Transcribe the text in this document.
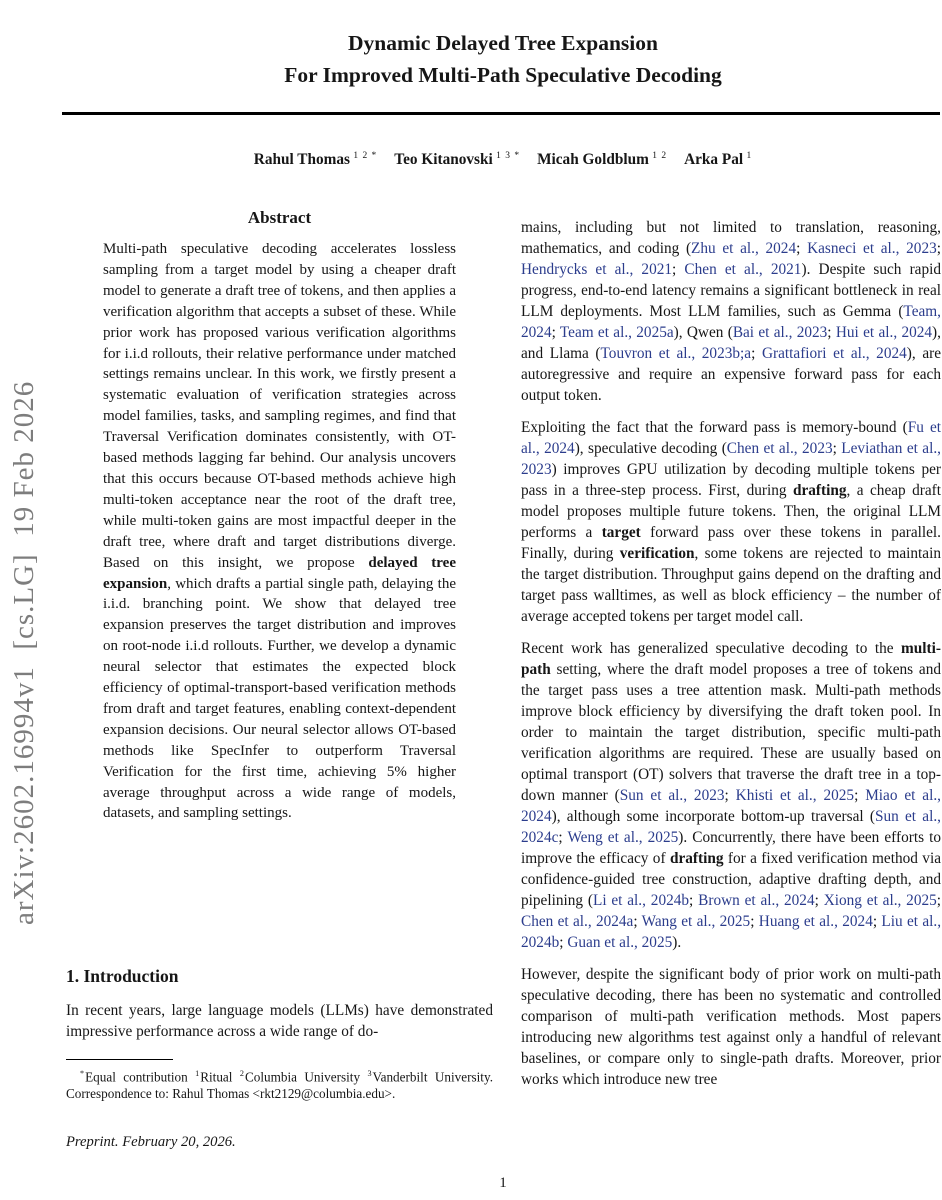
arXiv:2602.16994v1  [cs.LG]  19 Feb 2026
Dynamic Delayed Tree Expansion
For Improved Multi-Path Speculative Decoding
Rahul Thomas $^{1 2 *}$ Teo Kitanovski $^{1 3 *}$ Micah Goldblum $^{1 2}$ Arka Pal $^1$
Abstract

Multi-path speculative decoding accelerates lossless sampling from a target model by using a cheaper draft model to generate a draft tree of tokens, and then applies a verification algorithm that accepts a subset of these. While prior work has proposed various verification algorithms for i.i.d rollouts, their relative performance under matched settings remains unclear. In this work, we firstly present a systematic evaluation of verification strategies across model families, tasks, and sampling regimes, and find that Traversal Verification dominates consistently, with OT-based methods lagging far behind. Our analysis uncovers that this occurs because OT-based methods achieve high multi-token acceptance near the root of the draft tree, while multi-token gains are most impactful deeper in the draft tree, where draft and target distributions diverge. Based on this insight, we propose delayed tree expansion, which drafts a partial single path, delaying the i.i.d. branching point. We show that delayed tree expansion preserves the target distribution and improves on root-node i.i.d rollouts. Further, we develop a dynamic neural selector that estimates the expected block efficiency of optimal-transport-based verification methods from draft and target features, enabling context-dependent expansion decisions. Our neural selector allows OT-based methods like SpecInfer to outperform Traversal Verification for the first time, achieving 5% higher average throughput across a wide range of models, datasets, and sampling settings.

1. Introduction

In recent years, large language models (LLMs) have demonstrated impressive performance across a wide range of do-

*Equal contribution $^1$Ritual $^2$Columbia University $^3$Vanderbilt University. Correspondence to: Rahul Thomas <rkt2129@columbia.edu>.

Preprint. February 20, 2026.

mains, including but not limited to translation, reasoning, mathematics, and coding (Zhu et al., 2024; Kasneci et al., 2023; Hendrycks et al., 2021; Chen et al., 2021). Despite such rapid progress, end-to-end latency remains a significant bottleneck in real LLM deployments. Most LLM families, such as Gemma (Team, 2024; Team et al., 2025a), Qwen (Bai et al., 2023; Hui et al., 2024), and Llama (Touvron et al., 2023b;a; Grattafiori et al., 2024), are autoregressive and require an expensive forward pass for each output token.

Exploiting the fact that the forward pass is memory-bound (Fu et al., 2024), speculative decoding (Chen et al., 2023; Leviathan et al., 2023) improves GPU utilization by decoding multiple tokens per pass in a three-step process. First, during drafting, a cheap draft model proposes multiple future tokens. Then, the original LLM performs a target forward pass over these tokens in parallel. Finally, during verification, some tokens are rejected to maintain the target distribution. Throughput gains depend on the drafting and target pass walltimes, as well as block efficiency – the number of average accepted tokens per target model call.

Recent work has generalized speculative decoding to the multi-path setting, where the draft model proposes a tree of tokens and the target pass uses a tree attention mask. Multi-path methods improve block efficiency by diversifying the draft token pool. In order to maintain the target distribution, specific multi-path verification algorithms are required. These are usually based on optimal transport (OT) solvers that traverse the draft tree in a top-down manner (Sun et al., 2023; Khisti et al., 2025; Miao et al., 2024), although some incorporate bottom-up traversal (Sun et al., 2024c; Weng et al., 2025). Concurrently, there have been efforts to improve the efficacy of drafting for a fixed verification method via confidence-guided tree construction, adaptive drafting depth, and pipelining (Li et al., 2024b; Brown et al., 2024; Xiong et al., 2025; Chen et al., 2024a; Wang et al., 2025; Huang et al., 2024; Liu et al., 2024b; Guan et al., 2025).

However, despite the significant body of prior work on multi-path speculative decoding, there has been no systematic and controlled comparison of multi-path verification methods. Most papers introducing new algorithms test against only a handful of relevant baselines, or compare only to single-path drafts. Moreover, prior works which introduce new tree

1
